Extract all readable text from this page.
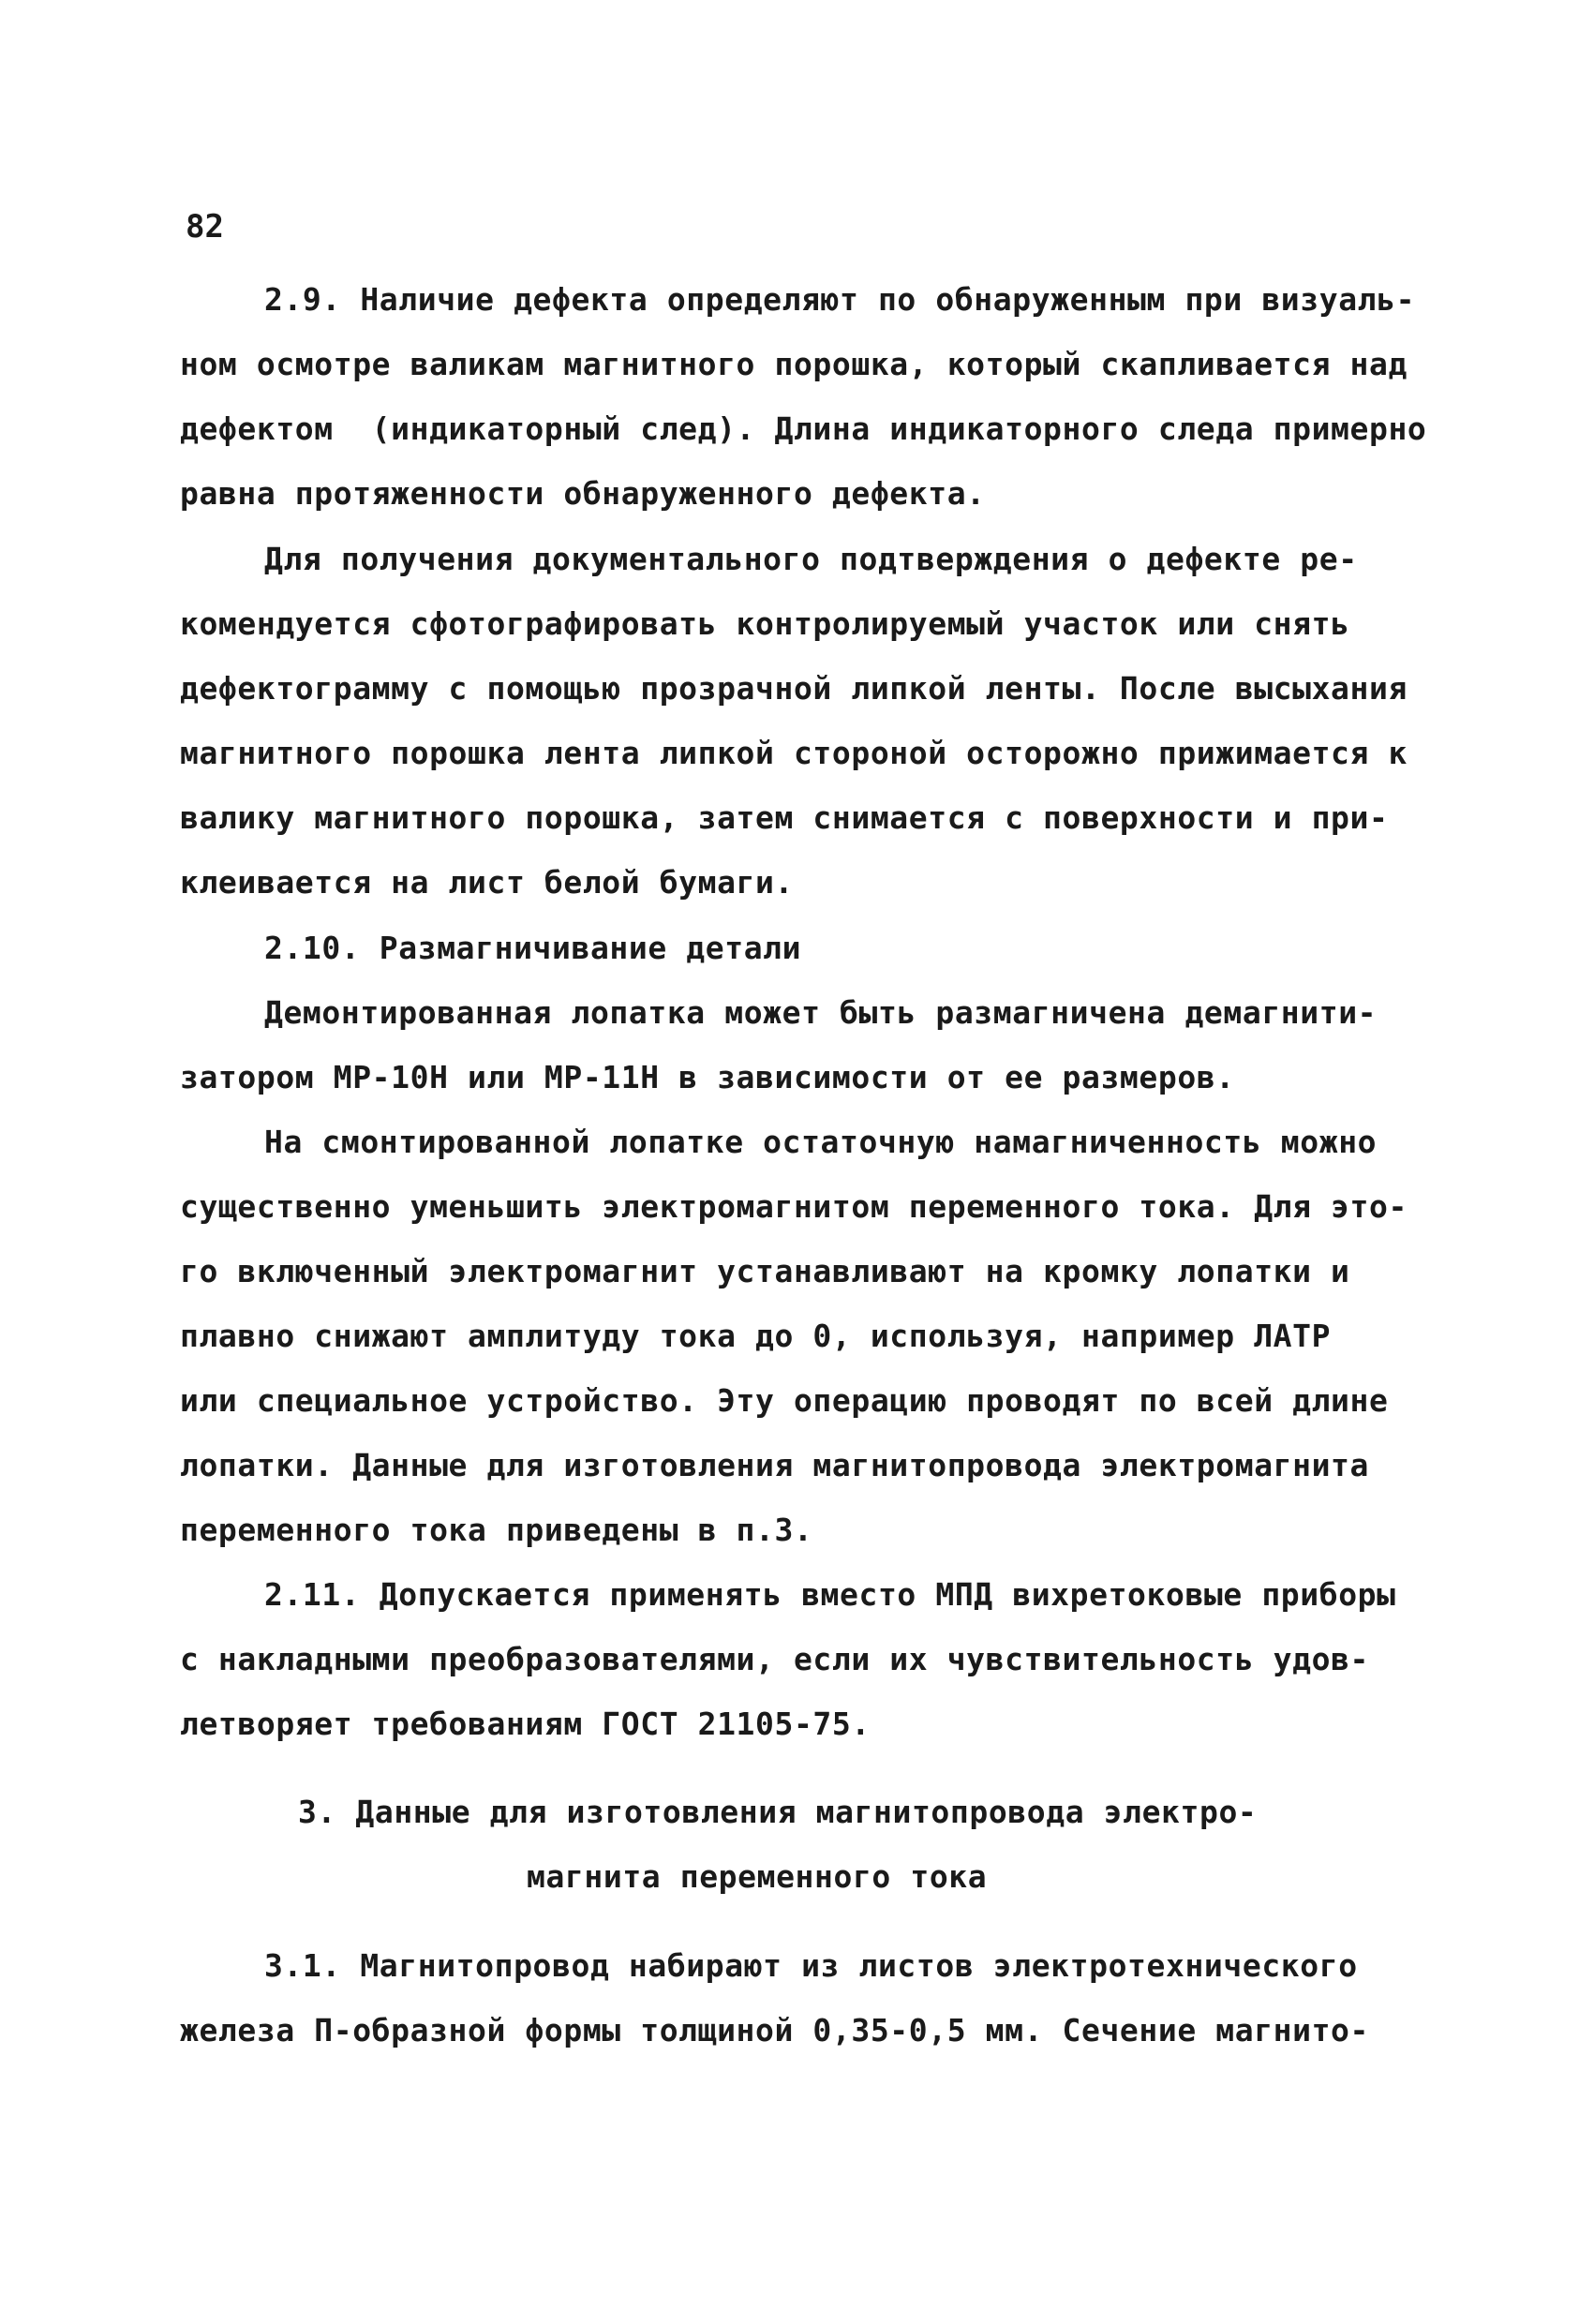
82
2.9. Наличие дефекта определяют по обнаруженным при визуаль-
ном осмотре валикам магнитного порошка, который скапливается над
дефектом  (индикаторный след). Длина индикаторного следа примерно
равна протяженности обнаруженного дефекта.
Для получения документального подтверждения о дефекте ре-
комендуется сфотографировать контролируемый участок или снять
дефектограмму с помощью прозрачной липкой ленты. После высыхания
магнитного порошка лента липкой стороной осторожно прижимается к
валику магнитного порошка, затем снимается с поверхности и при-
клеивается на лист белой бумаги.
2.10. Размагничивание детали
Демонтированная лопатка может быть размагничена демагнити-
затором МР-10Н или МР-11Н в зависимости от ее размеров.
На смонтированной лопатке остаточную намагниченность можно
существенно уменьшить электромагнитом переменного тока. Для это-
го включенный электромагнит устанавливают на кромку лопатки и
плавно снижают амплитуду тока до 0, используя, например ЛАТР
или специальное устройство. Эту операцию проводят по всей длине
лопатки. Данные для изготовления магнитопровода электромагнита
переменного тока приведены в п.3.
2.11. Допускается применять вместо МПД вихретоковые приборы
с накладными преобразователями, если их чувствительность удов-
летворяет требованиям ГОСТ 21105-75.
3. Данные для изготовления магнитопровода электро-
магнита переменного тока
3.1. Магнитопровод набирают из листов электротехнического
железа П-образной формы толщиной 0,35-0,5 мм. Сечение магнито-
